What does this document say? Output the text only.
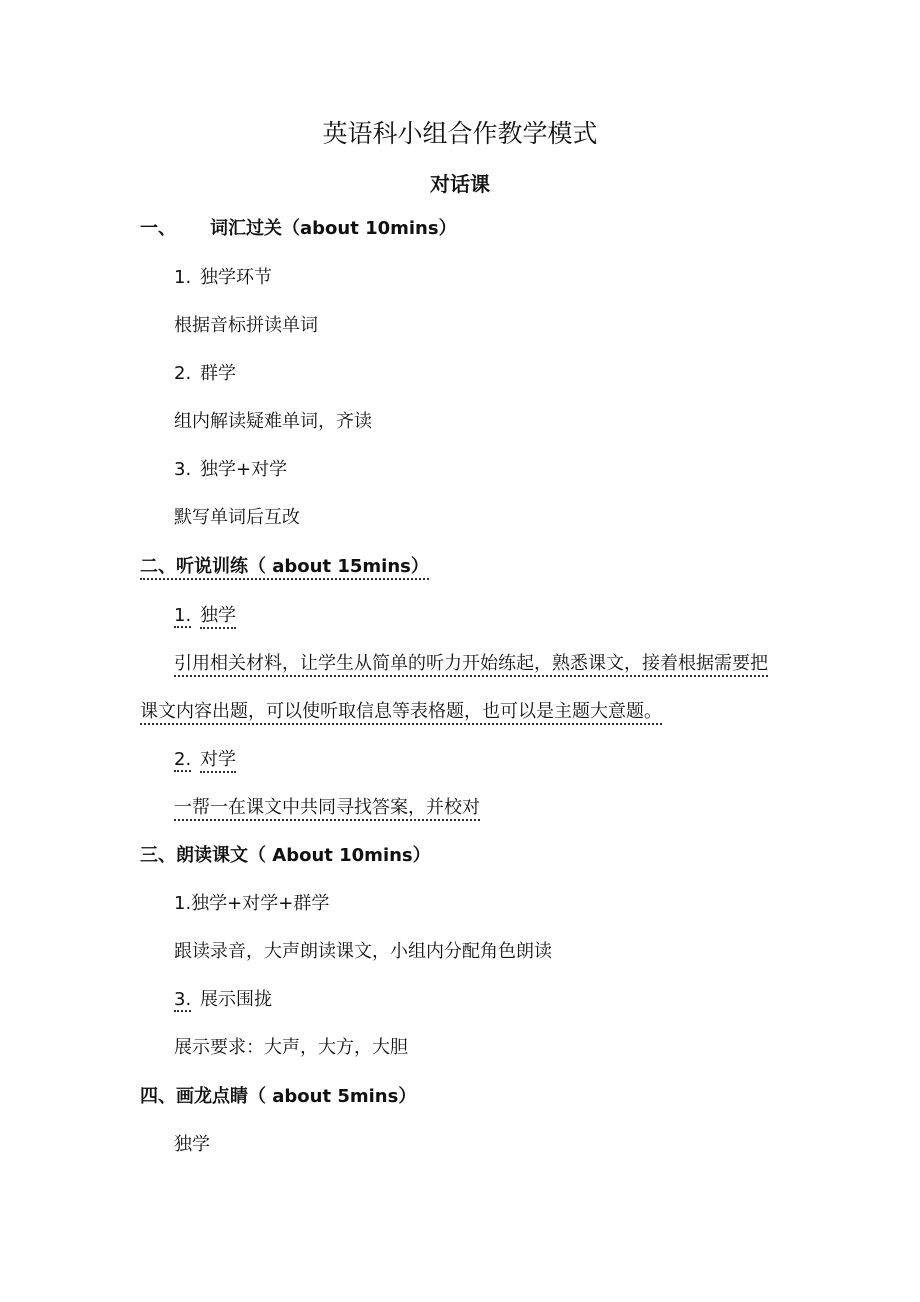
英语科小组合作教学模式
对话课
一、 词汇过关（about 10mins）
1. 独学环节
根据音标拼读单词
2. 群学
组内解读疑难单词，齐读
3. 独学+对学
默写单词后互改
二、听说训练（ about 15mins）
1. 独学
引用相关材料，让学生从简单的听力开始练起，熟悉课文，接着根据需要把
课文内容出题，可以使听取信息等表格题，也可以是主题大意题。
2. 对学
一帮一在课文中共同寻找答案，并校对
三、朗读课文（ About 10mins）
1.独学+对学+群学
跟读录音，大声朗读课文，小组内分配角色朗读
3. 展示围拢
展示要求：大声，大方，大胆
四、画龙点睛（ about 5mins）
独学
